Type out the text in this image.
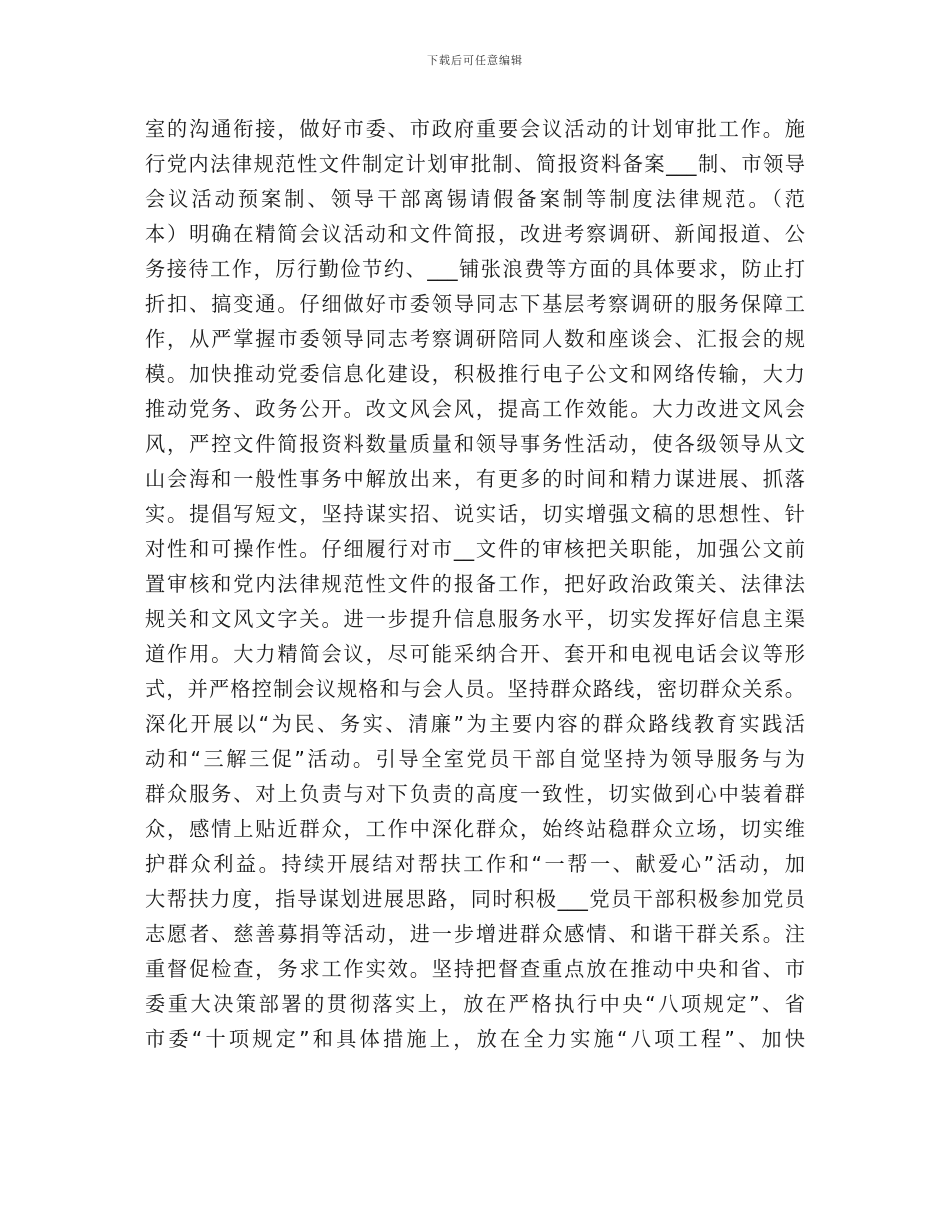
下载后可任意编辑
室的沟通衔接，做好市委、市政府重要会议活动的计划审批工作。施
行党内法律规范性文件制定计划审批制、简报资料备案___制、市领导
会议活动预案制、领导干部离锡请假备案制等制度法律规范。（范
本）明确在精简会议活动和文件简报，改进考察调研、新闻报道、公
务接待工作，厉行勤俭节约、___铺张浪费等方面的具体要求，防止打
折扣、搞变通。仔细做好市委领导同志下基层考察调研的服务保障工
作，从严掌握市委领导同志考察调研陪同人数和座谈会、汇报会的规
模。加快推动党委信息化建设，积极推行电子公文和网络传输，大力
推动党务、政务公开。改文风会风，提高工作效能。大力改进文风会
风，严控文件简报资料数量质量和领导事务性活动，使各级领导从文
山会海和一般性事务中解放出来，有更多的时间和精力谋进展、抓落
实。提倡写短文，坚持谋实招、说实话，切实增强文稿的思想性、针
对性和可操作性。仔细履行对市__文件的审核把关职能，加强公文前
置审核和党内法律规范性文件的报备工作，把好政治政策关、法律法
规关和文风文字关。进一步提升信息服务水平，切实发挥好信息主渠
道作用。大力精简会议，尽可能采纳合开、套开和电视电话会议等形
式，并严格控制会议规格和与会人员。坚持群众路线，密切群众关系。
深化开展以“为民、务实、清廉”为主要内容的群众路线教育实践活
动和“三解三促”活动。引导全室党员干部自觉坚持为领导服务与为
群众服务、对上负责与对下负责的高度一致性，切实做到心中装着群
众，感情上贴近群众，工作中深化群众，始终站稳群众立场，切实维
护群众利益。持续开展结对帮扶工作和“一帮一、献爱心”活动，加
大帮扶力度，指导谋划进展思路，同时积极___党员干部积极参加党员
志愿者、慈善募捐等活动，进一步增进群众感情、和谐干群关系。注
重督促检查，务求工作实效。坚持把督查重点放在推动中央和省、市
委重大决策部署的贯彻落实上，放在严格执行中央“八项规定”、省
市委“十项规定”和具体措施上，放在全力实施“八项工程”、加快
